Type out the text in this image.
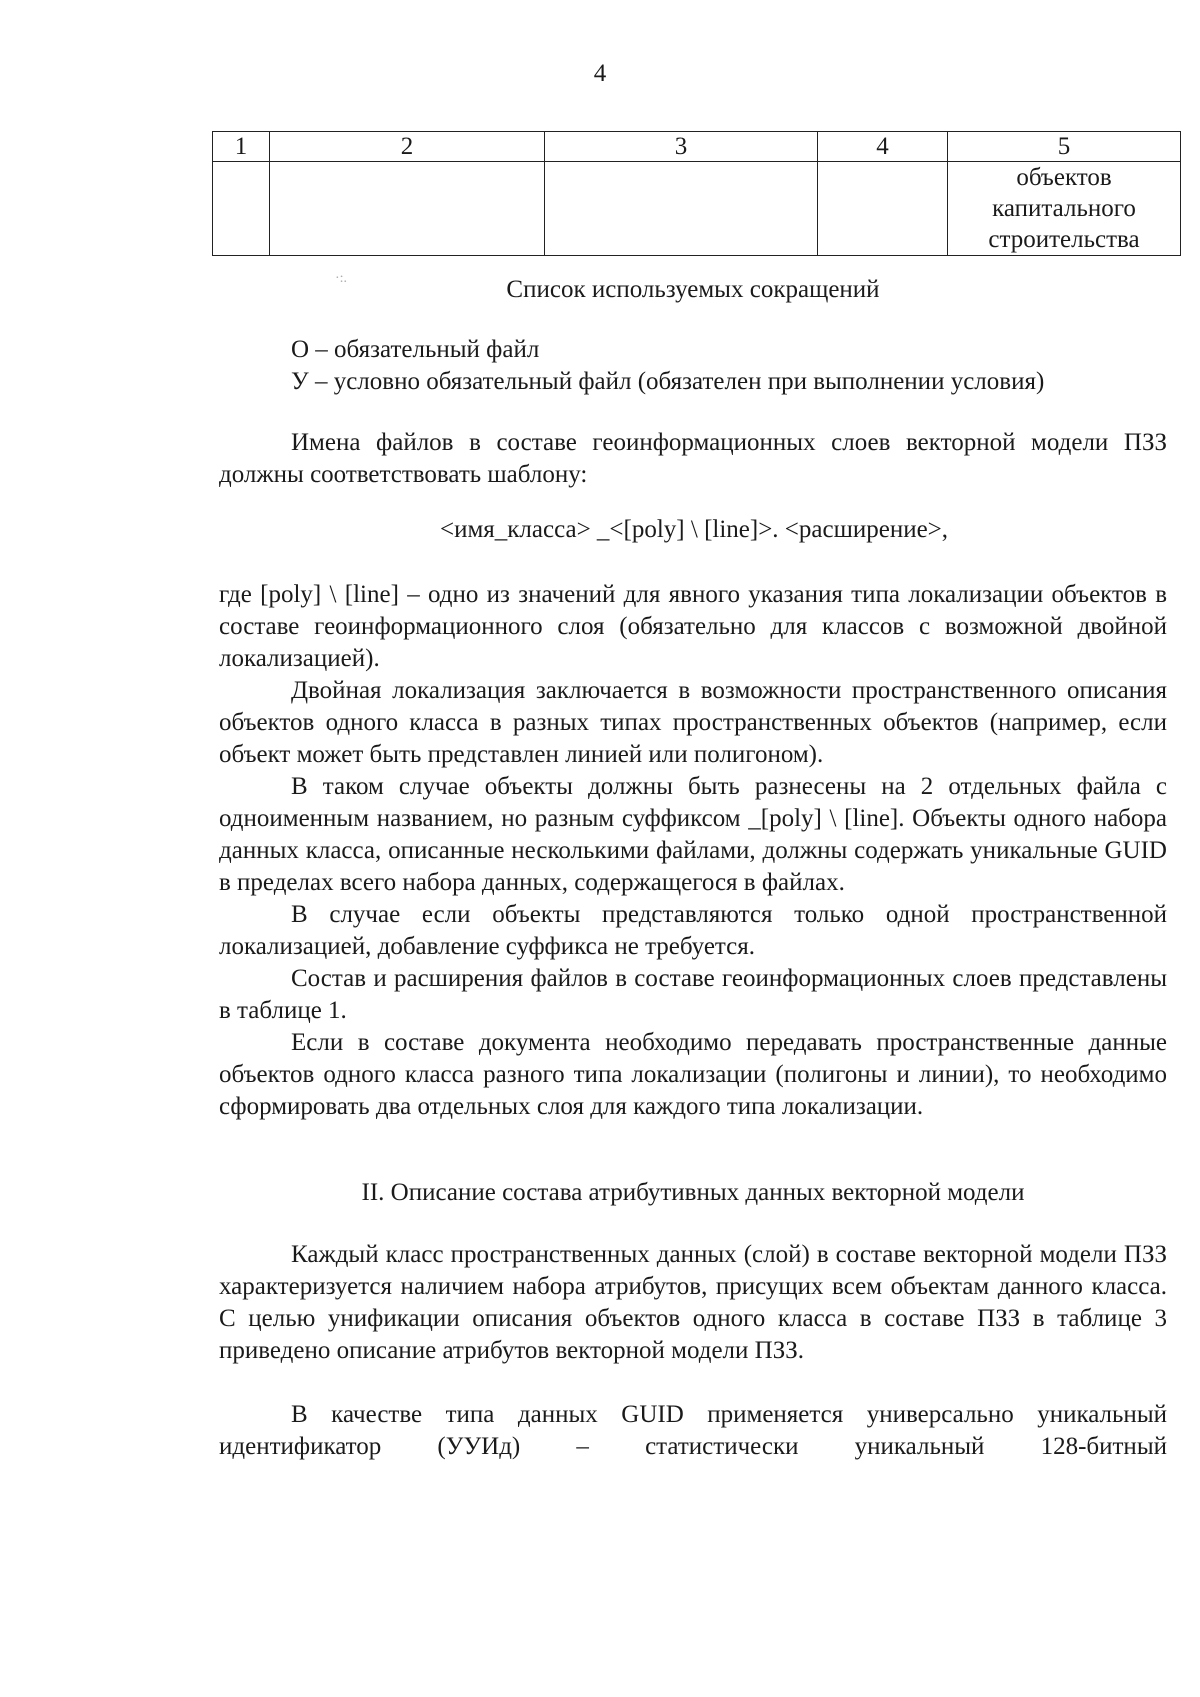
4
1	2	3	4	5

				объектов
капитального
строительства
·:.	Список используемых сокращений
О – обязательный файл
У – условно обязательный файл (обязателен при выполнении условия)

Имена файлов в составе геоинформационных слоев векторной модели ПЗЗ должны соответствовать шаблону:

<имя_класса> _<[poly] \ [line]>. <расширение>,

где [poly] \ [line] – одно из значений для явного указания типа локализации объектов в составе геоинформационного слоя (обязательно для классов с возможной двойной локализацией).

Двойная локализация заключается в возможности пространственного описания объектов одного класса в разных типах пространственных объектов (например, если объект может быть представлен линией или полигоном).

В таком случае объекты должны быть разнесены на 2 отдельных файла с одноименным названием, но разным суффиксом _[poly] \ [line]. Объекты одного набора данных класса, описанные несколькими файлами, должны содержать уникальные GUID в пределах всего набора данных, содержащегося в файлах.

В случае если объекты представляются только одной пространственной локализацией, добавление суффикса не требуется.

Состав и расширения файлов в составе геоинформационных слоев представлены в таблице 1.

Если в составе документа необходимо передавать пространственные данные объектов одного класса разного типа локализации (полигоны и линии), то необходимо сформировать два отдельных слоя для каждого типа локализации.

II. Описание состава атрибутивных данных векторной модели

Каждый класс пространственных данных (слой) в составе векторной модели ПЗЗ характеризуется наличием набора атрибутов, присущих всем объектам данного класса. С целью унификации описания объектов одного класса в составе ПЗЗ в таблице 3 приведено описание атрибутов векторной модели ПЗЗ.

В качестве типа данных GUID применяется универсально уникальный идентификатор (УУИд) – статистически уникальный 128-битный
